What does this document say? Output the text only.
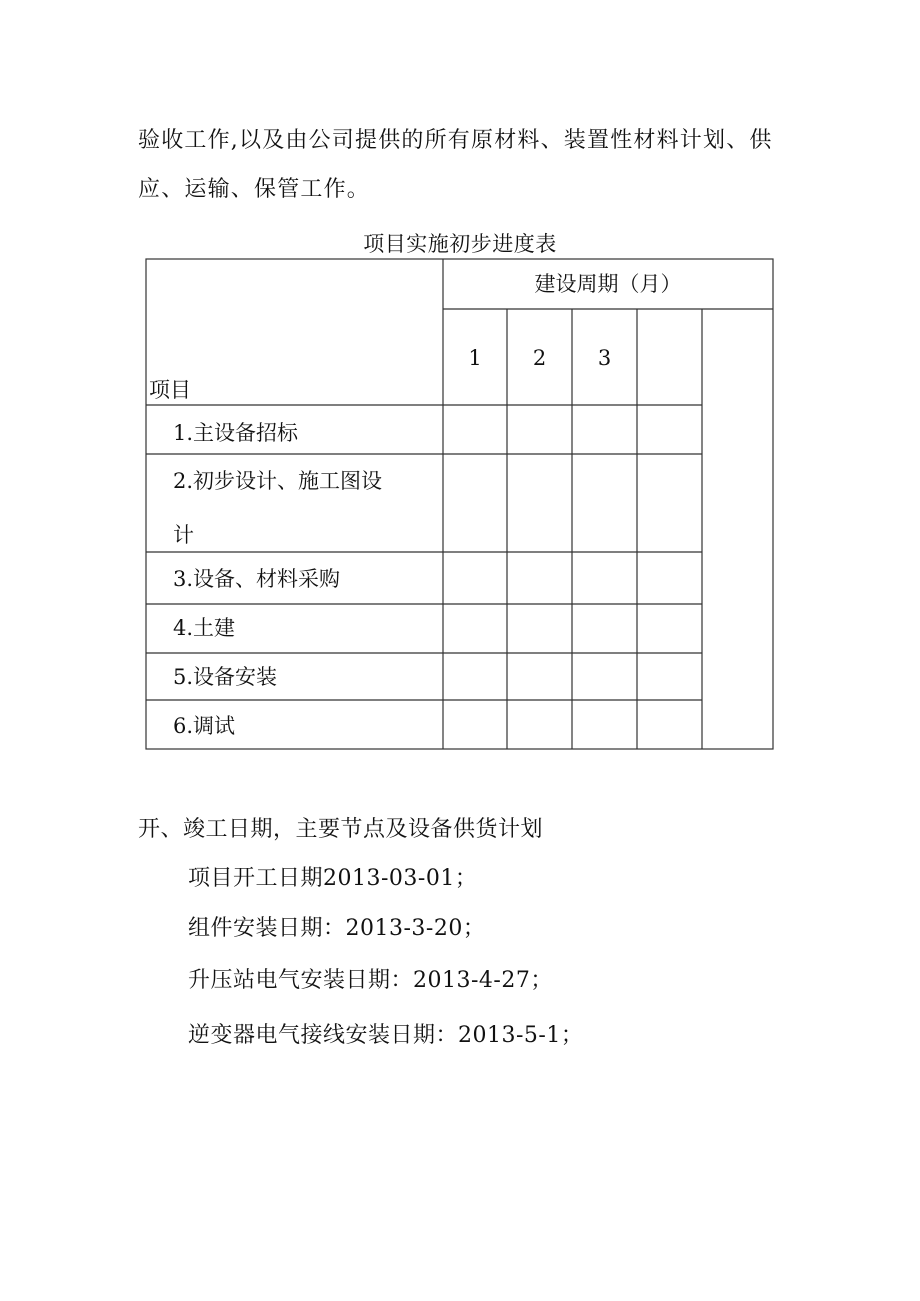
验收工作,以及由公司提供的所有原材料、装置性材料计划、供

应、运输、保管工作。

项目实施初步进度表
项目
建设周期（月）
1	2	3
1.主设备招标
2.初步设计、施工图设
计
3.设备、材料采购
4.土建
5.设备安装
6.调试
开、竣工日期，主要节点及设备供货计划
项目开工日期2013-03-01；
组件安装日期：2013-3-20；
升压站电气安装日期：2013-4-27；
逆变器电气接线安装日期：2013-5-1；
